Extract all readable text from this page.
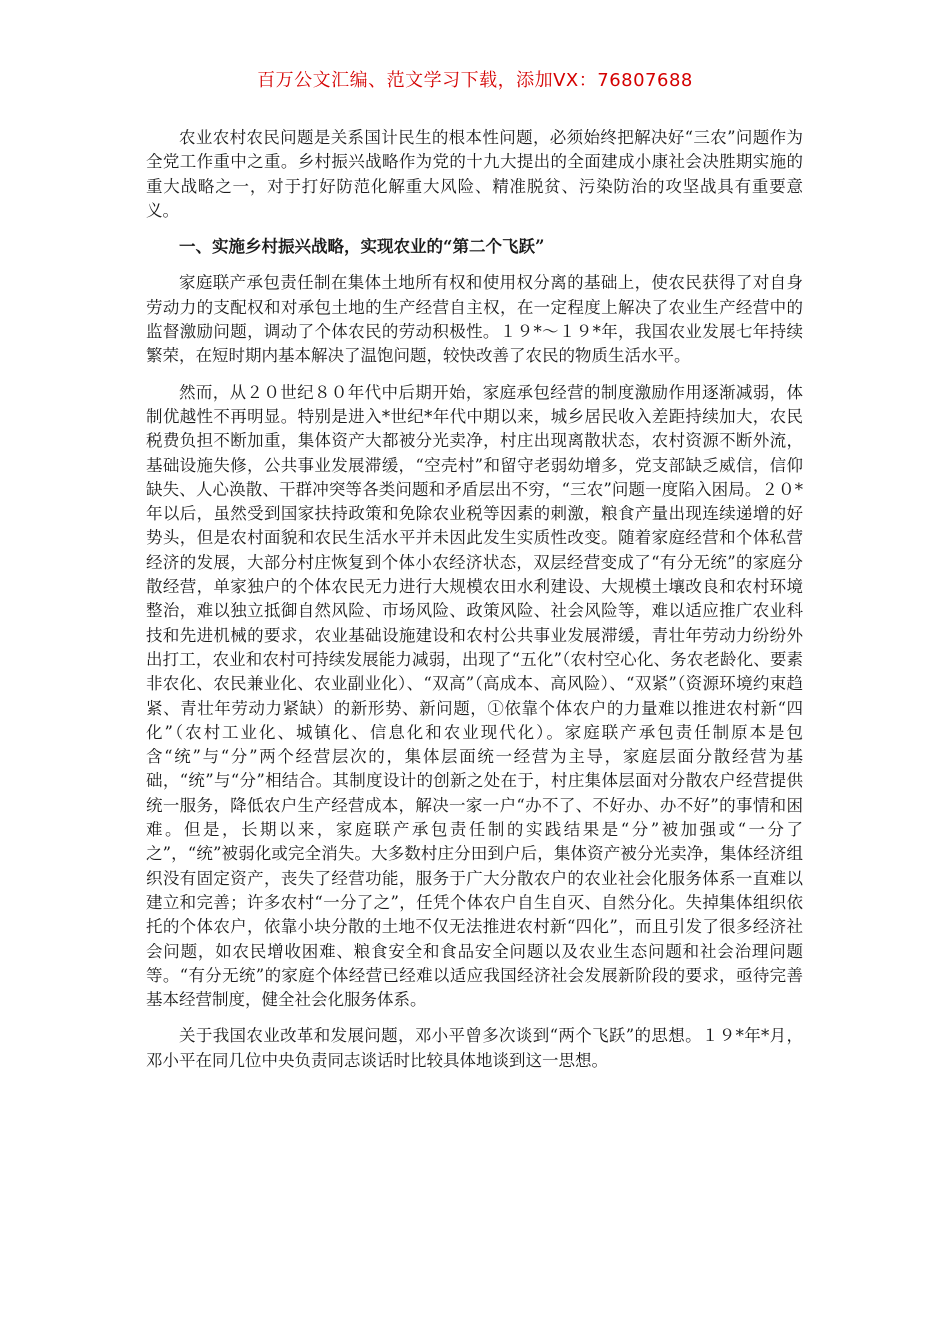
百万公文汇编、范文学习下载，添加VX：76807688

农业农村农民问题是关系国计民生的根本性问题，必须始终把解决好“三农”问题作为全党工作重中之重。乡村振兴战略作为党的十九大提出的全面建成小康社会决胜期实施的重大战略之一，对于打好防范化解重大风险、精准脱贫、污染防治的攻坚战具有重要意义。

一、实施乡村振兴战略，实现农业的“第二个飞跃”

家庭联产承包责任制在集体土地所有权和使用权分离的基础上，使农民获得了对自身劳动力的支配权和对承包土地的生产经营自主权，在一定程度上解决了农业生产经营中的监督激励问题，调动了个体农民的劳动积极性。１９*～１９*年，我国农业发展七年持续繁荣，在短时期内基本解决了温饱问题，较快改善了农民的物质生活水平。

然而，从２０世纪８０年代中后期开始，家庭承包经营的制度激励作用逐渐减弱，体制优越性不再明显。特别是进入*世纪*年代中期以来，城乡居民收入差距持续加大，农民税费负担不断加重，集体资产大都被分光卖净，村庄出现离散状态，农村资源不断外流，基础设施失修，公共事业发展滞缓，“空壳村”和留守老弱幼增多，党支部缺乏威信，信仰缺失、人心涣散、干群冲突等各类问题和矛盾层出不穷，“三农”问题一度陷入困局。２０*年以后，虽然受到国家扶持政策和免除农业税等因素的刺激，粮食产量出现连续递增的好势头，但是农村面貌和农民生活水平并未因此发生实质性改变。随着家庭经营和个体私营经济的发展，大部分村庄恢复到个体小农经济状态，双层经营变成了“有分无统”的家庭分散经营，单家独户的个体农民无力进行大规模农田水利建设、大规模土壤改良和农村环境整治，难以独立抵御自然风险、市场风险、政策风险、社会风险等，难以适应推广农业科技和先进机械的要求，农业基础设施建设和农村公共事业发展滞缓，青壮年劳动力纷纷外出打工，农业和农村可持续发展能力减弱，出现了“五化”（农村空心化、务农老龄化、要素非农化、农民兼业化、农业副业化）、“双高”（高成本、高风险）、“双紧”（资源环境约束趋紧、青壮年劳动力紧缺）的新形势、新问题，①依靠个体农户的力量难以推进农村新“四化”（农村工业化、城镇化、信息化和农业现代化）。家庭联产承包责任制原本是包含“统”与“分”两个经营层次的，集体层面统一经营为主导，家庭层面分散经营为基础，“统”与“分”相结合。其制度设计的创新之处在于，村庄集体层面对分散农户经营提供统一服务，降低农户生产经营成本，解决一家一户“办不了、不好办、办不好”的事情和困难。但是，长期以来，家庭联产承包责任制的实践结果是“分”被加强或“一分了之”，“统”被弱化或完全消失。大多数村庄分田到户后，集体资产被分光卖净，集体经济组织没有固定资产，丧失了经营功能，服务于广大分散农户的农业社会化服务体系一直难以建立和完善；许多农村“一分了之”，任凭个体农户自生自灭、自然分化。失掉集体组织依托的个体农户，依靠小块分散的土地不仅无法推进农村新“四化”，而且引发了很多经济社会问题，如农民增收困难、粮食安全和食品安全问题以及农业生态问题和社会治理问题等。“有分无统”的家庭个体经营已经难以适应我国经济社会发展新阶段的要求，亟待完善基本经营制度，健全社会化服务体系。

关于我国农业改革和发展问题，邓小平曾多次谈到“两个飞跃”的思想。１９*年*月，邓小平在同几位中央负责同志谈话时比较具体地谈到这一思想。
